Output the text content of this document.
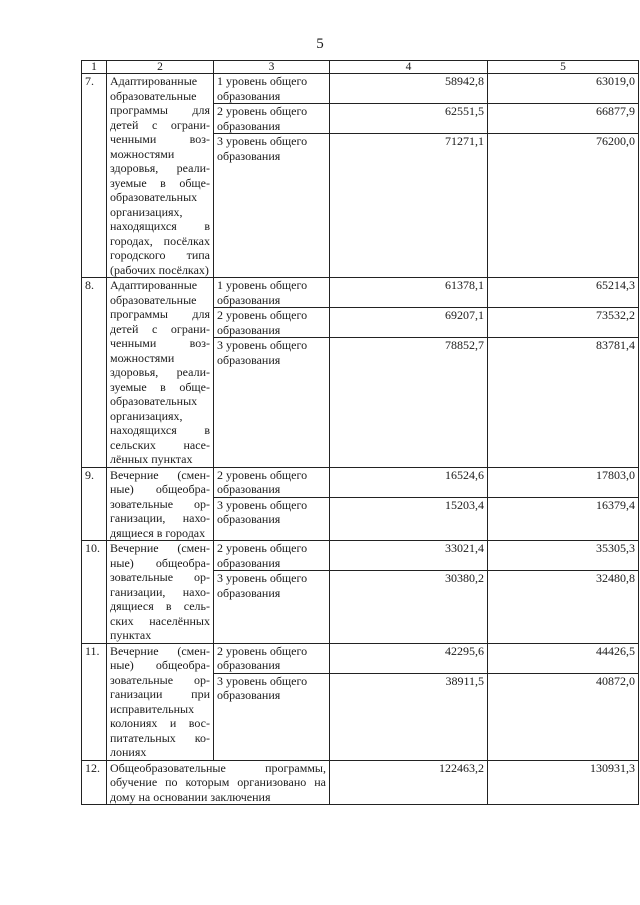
5
1	2	3	4	5
7.	Адаптированные образовательные программы для детей с ограниченными возможностями здоровья, реализуемые в общеобразовательных организациях, находящихся в городах, посёлках городского типа (рабочих посёлках)	1 уровень общего образования	58942,8	63019,0
		2 уровень общего образования	62551,5	66877,9
		3 уровень общего образования	71271,1	76200,0
8.	Адаптированные образовательные программы для детей с ограниченными возможностями здоровья, реализуемые в общеобразовательных организациях, находящихся в сельских населённых пунктах	1 уровень общего образования	61378,1	65214,3
		2 уровень общего образования	69207,1	73532,2
		3 уровень общего образования	78852,7	83781,4
9.	Вечерние (сменные) общеобразовательные организации, находящиеся в городах	2 уровень общего образования	16524,6	17803,0
		3 уровень общего образования	15203,4	16379,4
10.	Вечерние (сменные) общеобразовательные организации, находящиеся в сельских населённых пунктах	2 уровень общего образования	33021,4	35305,3
		3 уровень общего образования	30380,2	32480,8
11.	Вечерние (сменные) общеобразовательные организации при исправительных колониях и воспитательных колониях	2 уровень общего образования	42295,6	44426,5
		3 уровень общего образования	38911,5	40872,0
12.	Общеобразовательные программы, обучение по которым организовано на дому на основании заключения		122463,2	130931,3
